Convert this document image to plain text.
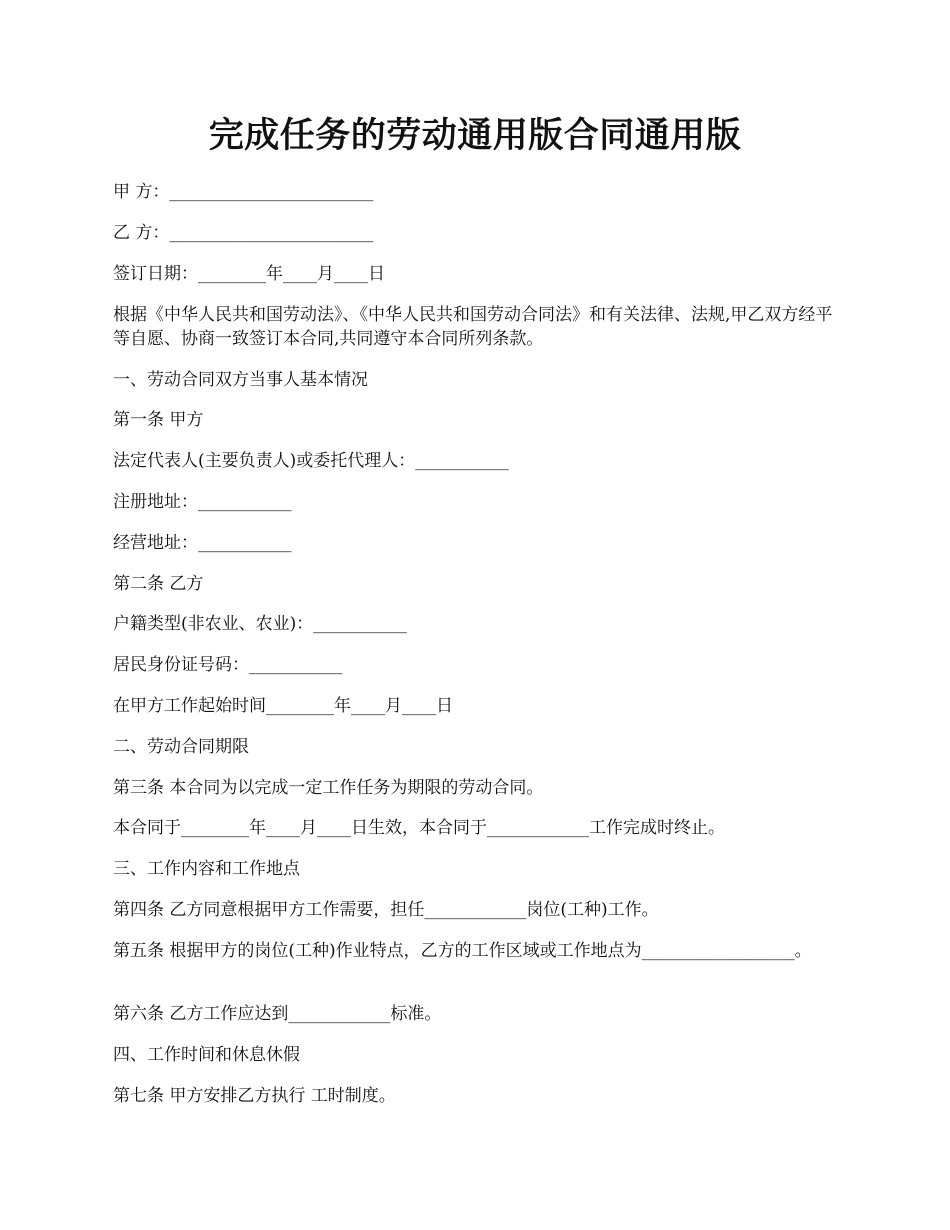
完成任务的劳动通用版合同通用版
甲 方：________________________
乙 方：________________________
签订日期：________年____月____日
根据《中华人民共和国劳动法》、《中华人民共和国劳动合同法》和有关法律、法规,甲乙双方经平等自愿、协商一致签订本合同,共同遵守本合同所列条款。
一、劳动合同双方当事人基本情况
第一条 甲方
法定代表人(主要负责人)或委托代理人：___________
注册地址：___________
经营地址：___________
第二条 乙方
户籍类型(非农业、农业)：___________
居民身份证号码：___________
在甲方工作起始时间________年____月____日
二、劳动合同期限
第三条 本合同为以完成一定工作任务为期限的劳动合同。
本合同于________年____月____日生效，本合同于____________工作完成时终止。
三、工作内容和工作地点
第四条 乙方同意根据甲方工作需要，担任____________岗位(工种)工作。
第五条 根据甲方的岗位(工种)作业特点，乙方的工作区域或工作地点为__________________。
第六条 乙方工作应达到____________标准。
四、工作时间和休息休假
第七条 甲方安排乙方执行 工时制度。
